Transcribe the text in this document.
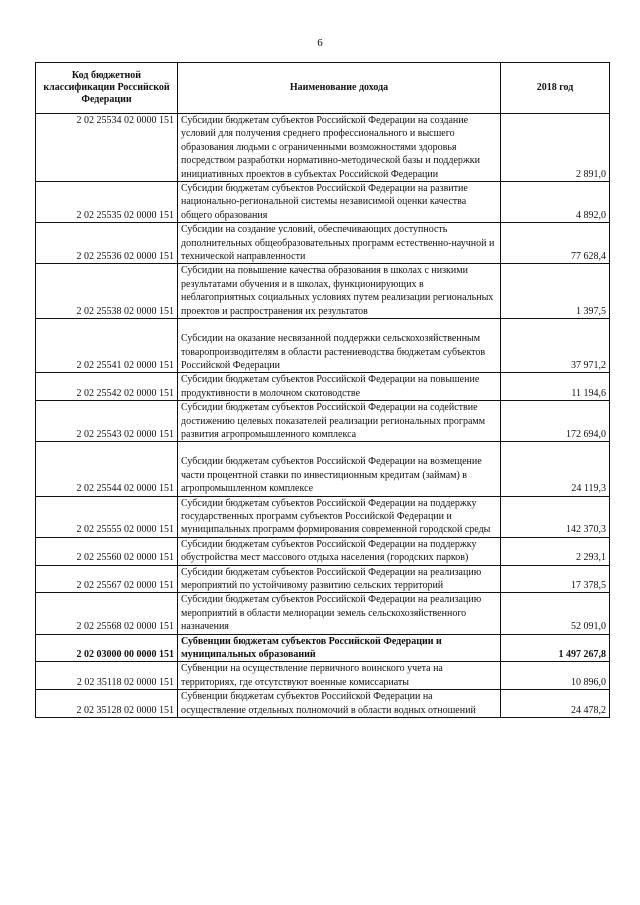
6
Код бюджетной классификации Российской Федерации	Наименование дохода	2018 год
2 02 25534 02 0000 151	Субсидии бюджетам субъектов Российской Федерации на создание условий для получения среднего профессионального и высшего образования людьми с ограниченными возможностями здоровья посредством разработки нормативно-методической базы и поддержки инициативных проектов в субъектах Российской Федерации	2 891,0
2 02 25535 02 0000 151	Субсидии бюджетам субъектов Российской Федерации на развитие национально-региональной системы независимой оценки качества общего образования	4 892,0
2 02 25536 02 0000 151	Субсидии на создание условий, обеспечивающих доступность дополнительных общеобразовательных программ естественно-научной и технической направленности	77 628,4
2 02 25538 02 0000 151	Субсидии на повышение качества образования в школах с низкими результатами обучения и в школах, функционирующих в неблагоприятных социальных условиях путем реализации региональных проектов и распространения их результатов	1 397,5
2 02 25541 02 0000 151	Субсидии на оказание несвязанной поддержки сельскохозяйственным товаропроизводителям в области растениеводства бюджетам субъектов Российской Федерации	37 971,2
2 02 25542 02 0000 151	Субсидии бюджетам субъектов Российской Федерации на повышение продуктивности в молочном скотоводстве	11 194,6
2 02 25543 02 0000 151	Субсидии бюджетам субъектов Российской Федерации на содействие достижению целевых показателей реализации региональных программ развития агропромышленного комплекса	172 694,0
2 02 25544 02 0000 151	Субсидии бюджетам субъектов Российской Федерации на возмещение части процентной ставки по инвестиционным кредитам (займам) в агропромышленном комплексе	24 119,3
2 02 25555 02 0000 151	Субсидии бюджетам субъектов Российской Федерации на поддержку государственных программ субъектов Российской Федерации и муниципальных программ формирования современной городской среды	142 370,3
2 02 25560 02 0000 151	Субсидии бюджетам субъектов Российской Федерации на поддержку обустройства мест массового отдыха населения (городских парков)	2 293,1
2 02 25567 02 0000 151	Субсидии бюджетам субъектов Российской Федерации на реализацию мероприятий по устойчивому развитию сельских территорий	17 378,5
2 02 25568 02 0000 151	Субсидии бюджетам субъектов Российской Федерации на реализацию мероприятий в области мелиорации земель сельскохозяйственного назначения	52 091,0
2 02 03000 00 0000 151	Субвенции бюджетам субъектов Российской Федерации и муниципальных образований	1 497 267,8
2 02 35118 02 0000 151	Субвенции на осуществление первичного воинского учета на территориях, где отсутствуют военные комиссариаты	10 896,0
2 02 35128 02 0000 151	Субвенции бюджетам субъектов Российской Федерации на осуществление отдельных полномочий в области водных отношений	24 478,2
